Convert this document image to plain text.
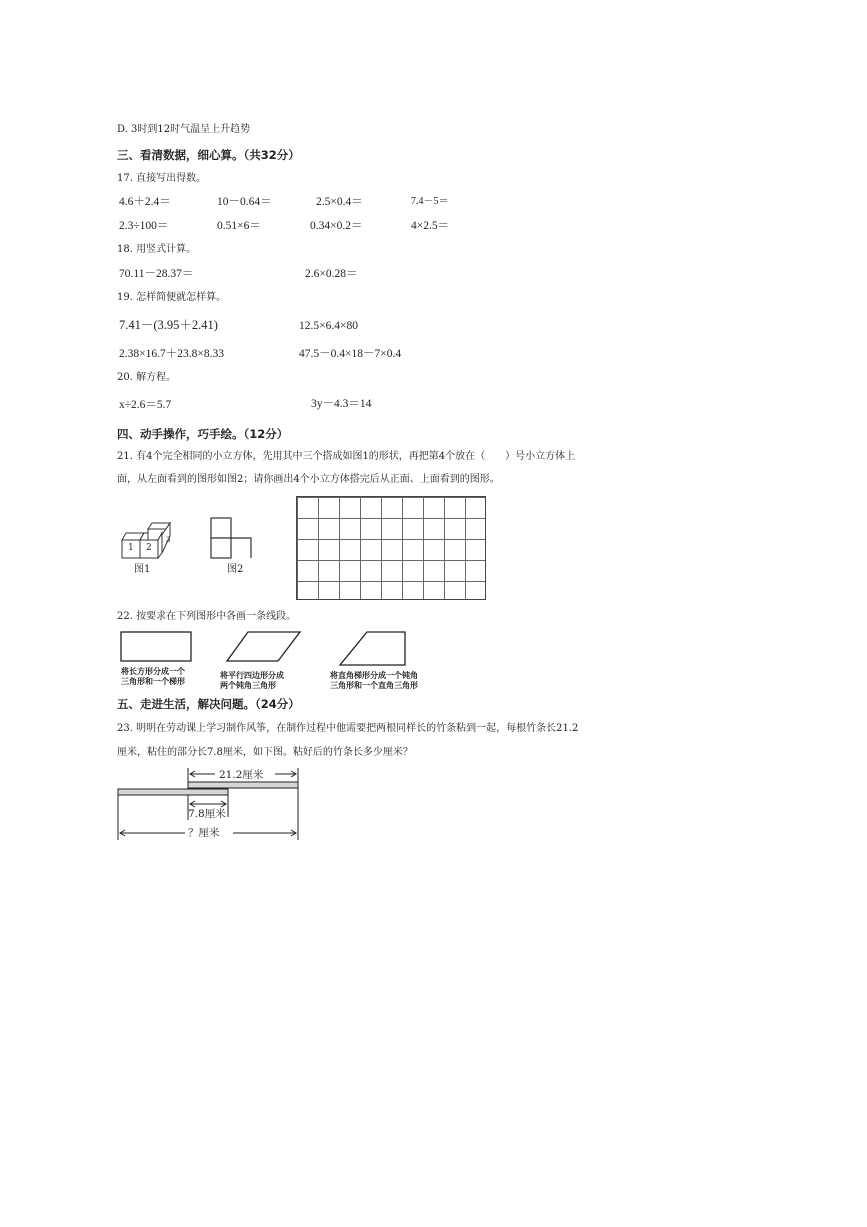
D. 3时到12时气温呈上升趋势
三、看清数据，细心算。（共32分）
17. 直接写出得数。
4.6＋2.4＝	10－0.64＝	2.5×0.4＝	7.4－5＝
2.3÷100＝	0.51×6＝	0.34×0.2＝	4×2.5＝
18. 用竖式计算。
70.11－28.37＝	2.6×0.28＝
19. 怎样简便就怎样算。
7.41－(3.95＋2.41)	12.5×6.4×80
2.38×16.7＋23.8×8.33	47.5－0.4×18－7×0.4
20. 解方程。
x÷2.6＝5.7	3y－4.3＝14
四、动手操作，巧手绘。（12分）
21. 有4个完全相同的小立方体，先用其中三个搭成如图1的形状，再把第4个放在（　　）号小立方体上
面，从左面看到的图形如图2；请你画出4个小立方体搭完后从正面、上面看到的图形。
1 2
3
图1	图2
22. 按要求在下列图形中各画一条线段。
将长方形分成一个
三角形和一个梯形
将平行四边形分成
两个钝角三角形
将直角梯形分成一个钝角
三角形和一个直角三角形
五、走进生活，解决问题。（24分）
23. 明明在劳动课上学习制作风筝，在制作过程中他需要把两根同样长的竹条粘到一起，每根竹条长21.2
厘米，粘住的部分长7.8厘米，如下图。粘好后的竹条长多少厘米？
21.2厘米
7.8厘米
？厘米
